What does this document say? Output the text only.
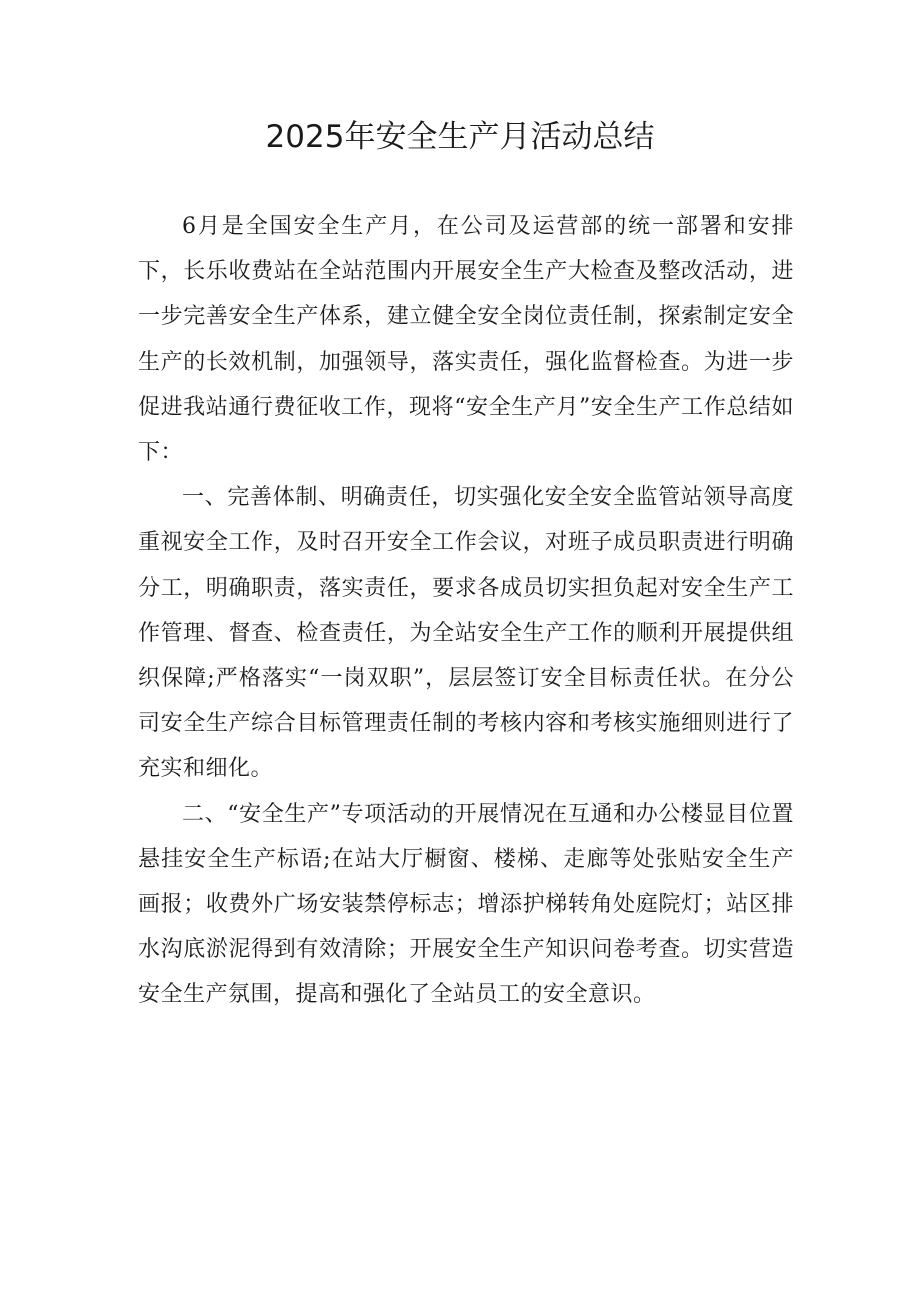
2025年安全生产月活动总结

6月是全国安全生产月，在公司及运营部的统一部署和安排下，长乐收费站在全站范围内开展安全生产大检查及整改活动，进一步完善安全生产体系，建立健全安全岗位责任制，探索制定安全生产的长效机制，加强领导，落实责任，强化监督检查。为进一步促进我站通行费征收工作，现将“安全生产月”安全生产工作总结如下：

一、完善体制、明确责任，切实强化安全安全监管站领导高度重视安全工作，及时召开安全工作会议，对班子成员职责进行明确分工，明确职责，落实责任，要求各成员切实担负起对安全生产工作管理、督查、检查责任，为全站安全生产工作的顺利开展提供组织保障;严格落实“一岗双职”，层层签订安全目标责任状。在分公司安全生产综合目标管理责任制的考核内容和考核实施细则进行了充实和细化。

二、“安全生产”专项活动的开展情况在互通和办公楼显目位置悬挂安全生产标语;在站大厅橱窗、楼梯、走廊等处张贴安全生产画报；收费外广场安装禁停标志；增添护梯转角处庭院灯；站区排水沟底淤泥得到有效清除；开展安全生产知识问卷考查。切实营造安全生产氛围，提高和强化了全站员工的安全意识。
